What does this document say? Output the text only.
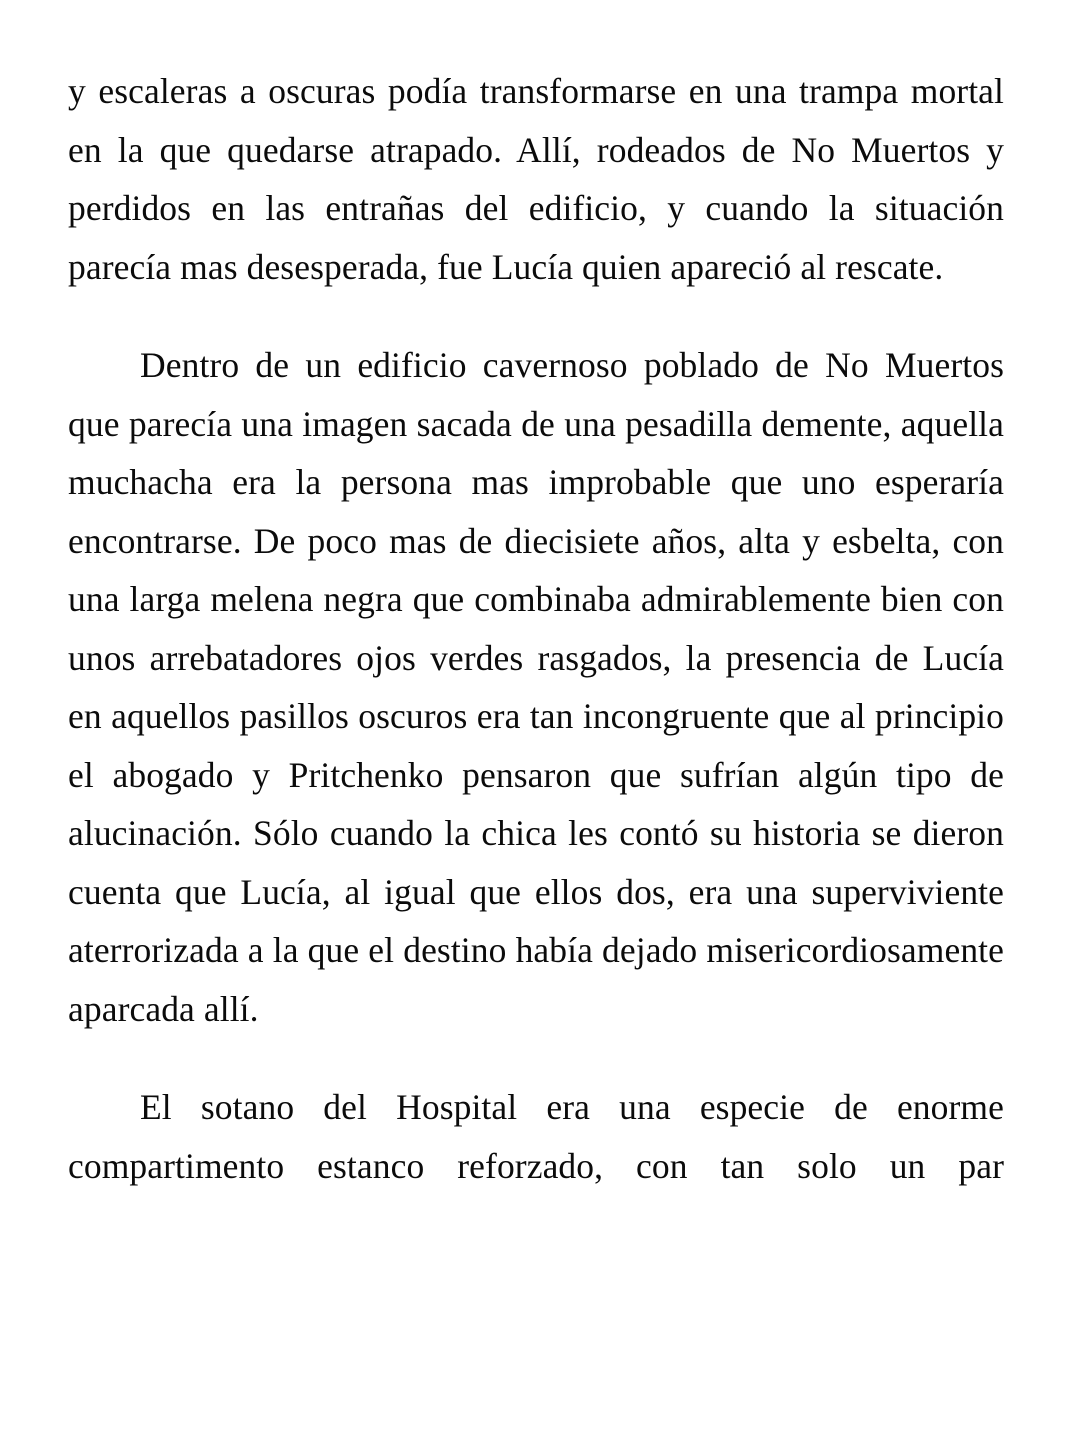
y escaleras a oscuras podía transformarse en una trampa mortal en la que quedarse atrapado. Allí, rodeados de No Muertos y perdidos en las entrañas del edificio, y cuando la situación parecía mas desesperada, fue Lucía quien apareció al rescate.

Dentro de un edificio cavernoso poblado de No Muertos que parecía una imagen sacada de una pesadilla demente, aquella muchacha era la persona mas improbable que uno esperaría encontrarse. De poco mas de diecisiete años, alta y esbelta, con una larga melena negra que combinaba admirablemente bien con unos arrebatadores ojos verdes rasgados, la presencia de Lucía en aquellos pasillos oscuros era tan incongruente que al principio el abogado y Pritchenko pensaron que sufrían algún tipo de alucinación. Sólo cuando la chica les contó su historia se dieron cuenta que Lucía, al igual que ellos dos, era una superviviente aterrorizada a la que el destino había dejado misericordiosamente aparcada allí.

El sotano del Hospital era una especie de enorme compartimento estanco reforzado, con tan solo un par
